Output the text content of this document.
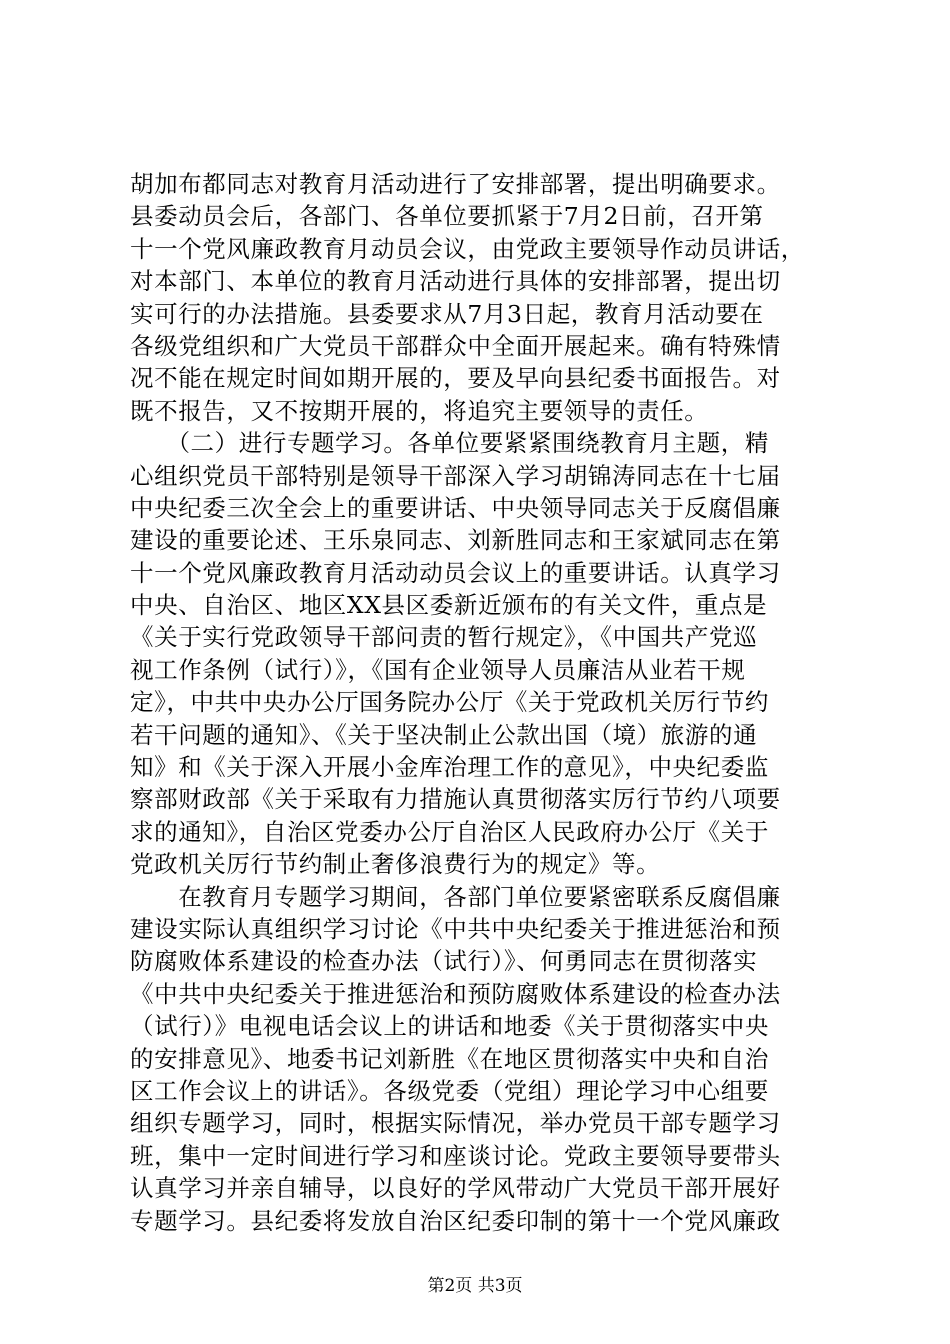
胡加布都同志对教育月活动进行了安排部署，提出明确要求。
县委动员会后，各部门、各单位要抓紧于7月2日前，召开第
十一个党风廉政教育月动员会议，由党政主要领导作动员讲话，
对本部门、本单位的教育月活动进行具体的安排部署，提出切
实可行的办法措施。县委要求从7月3日起，教育月活动要在
各级党组织和广大党员干部群众中全面开展起来。确有特殊情
况不能在规定时间如期开展的，要及早向县纪委书面报告。对
既不报告，又不按期开展的，将追究主要领导的责任。
　　（二）进行专题学习。各单位要紧紧围绕教育月主题，精
心组织党员干部特别是领导干部深入学习胡锦涛同志在十七届
中央纪委三次全会上的重要讲话、中央领导同志关于反腐倡廉
建设的重要论述、王乐泉同志、刘新胜同志和王家斌同志在第
十一个党风廉政教育月活动动员会议上的重要讲话。认真学习
中央、自治区、地区XX县区委新近颁布的有关文件，重点是
《关于实行党政领导干部问责的暂行规定》，《中国共产党巡
视工作条例（试行）》，《国有企业领导人员廉洁从业若干规
定》，中共中央办公厅国务院办公厅《关于党政机关厉行节约
若干问题的通知》、《关于坚决制止公款出国（境）旅游的通
知》和《关于深入开展小金库治理工作的意见》，中央纪委监
察部财政部《关于采取有力措施认真贯彻落实厉行节约八项要
求的通知》，自治区党委办公厅自治区人民政府办公厅《关于
党政机关厉行节约制止奢侈浪费行为的规定》等。
　　在教育月专题学习期间，各部门单位要紧密联系反腐倡廉
建设实际认真组织学习讨论《中共中央纪委关于推进惩治和预
防腐败体系建设的检查办法（试行）》、何勇同志在贯彻落实
《中共中央纪委关于推进惩治和预防腐败体系建设的检查办法
（试行）》电视电话会议上的讲话和地委《关于贯彻落实中央
的安排意见》、地委书记刘新胜《在地区贯彻落实中央和自治
区工作会议上的讲话》。各级党委（党组）理论学习中心组要
组织专题学习，同时，根据实际情况，举办党员干部专题学习
班，集中一定时间进行学习和座谈讨论。党政主要领导要带头
认真学习并亲自辅导，以良好的学风带动广大党员干部开展好
专题学习。县纪委将发放自治区纪委印制的第十一个党风廉政
第2页 共3页
